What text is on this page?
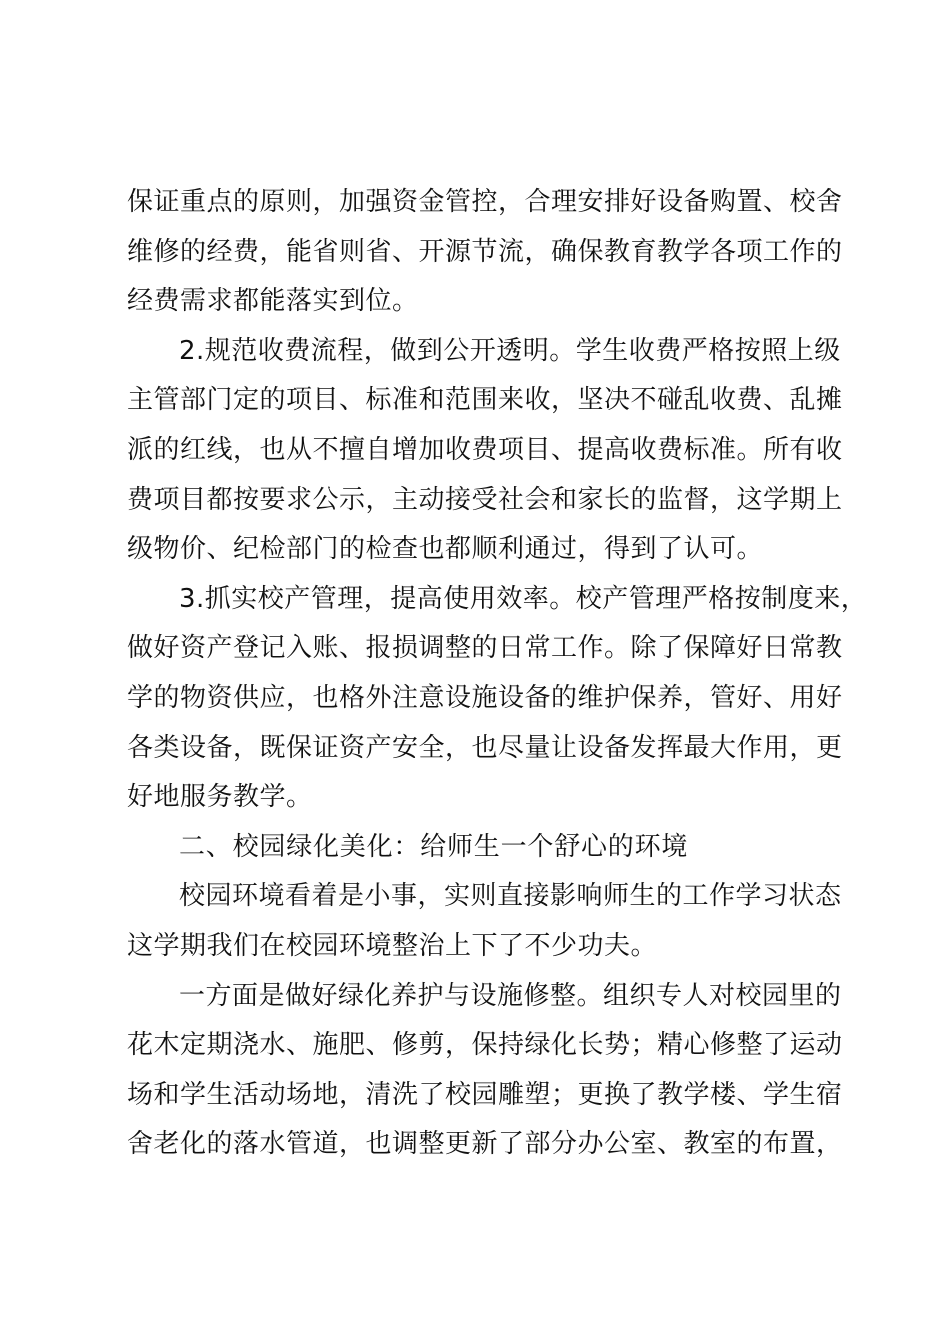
保证重点的原则，加强资金管控，合理安排好设备购置、校舍
维修的经费，能省则省、开源节流，确保教育教学各项工作的
经费需求都能落实到位。
2.规范收费流程，做到公开透明。学生收费严格按照上级
主管部门定的项目、标准和范围来收，坚决不碰乱收费、乱摊
派的红线，也从不擅自增加收费项目、提高收费标准。所有收
费项目都按要求公示，主动接受社会和家长的监督，这学期上
级物价、纪检部门的检查也都顺利通过，得到了认可。
3.抓实校产管理，提高使用效率。校产管理严格按制度来，
做好资产登记入账、报损调整的日常工作。除了保障好日常教
学的物资供应，也格外注意设施设备的维护保养，管好、用好
各类设备，既保证资产安全，也尽量让设备发挥最大作用，更
好地服务教学。
二、校园绿化美化：给师生一个舒心的环境
校园环境看着是小事，实则直接影响师生的工作学习状态
这学期我们在校园环境整治上下了不少功夫。
一方面是做好绿化养护与设施修整。组织专人对校园里的
花木定期浇水、施肥、修剪，保持绿化长势；精心修整了运动
场和学生活动场地，清洗了校园雕塑；更换了教学楼、学生宿
舍老化的落水管道，也调整更新了部分办公室、教室的布置，
